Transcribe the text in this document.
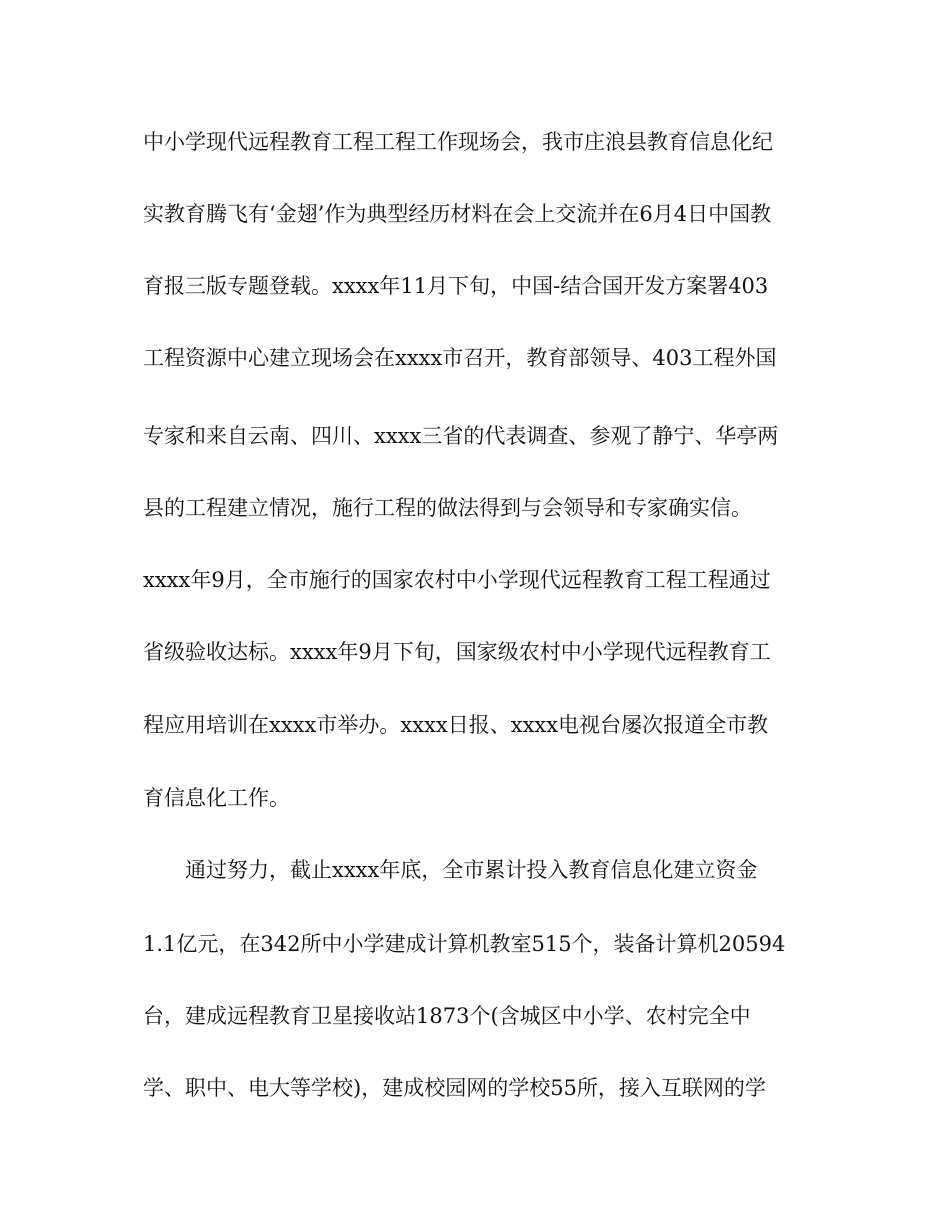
中小学现代远程教育工程工程工作现场会，我市庄浪县教育信息化纪
实教育腾飞有‘金翅’作为典型经历材料在会上交流并在6月4日中国教
育报三版专题登载。xxxx年11月下旬，中国-结合国开发方案署403
工程资源中心建立现场会在xxxx市召开，教育部领导、403工程外国
专家和来自云南、四川、xxxx三省的代表调查、参观了静宁、华亭两
县的工程建立情况，施行工程的做法得到与会领导和专家确实信。
xxxx年9月，全市施行的国家农村中小学现代远程教育工程工程通过
省级验收达标。xxxx年9月下旬，国家级农村中小学现代远程教育工
程应用培训在xxxx市举办。xxxx日报、xxxx电视台屡次报道全市教
育信息化工作。
通过努力，截止xxxx年底，全市累计投入教育信息化建立资金
1.1亿元，在342所中小学建成计算机教室515个，装备计算机20594
台，建成远程教育卫星接收站1873个(含城区中小学、农村完全中
学、职中、电大等学校)，建成校园网的学校55所，接入互联网的学
